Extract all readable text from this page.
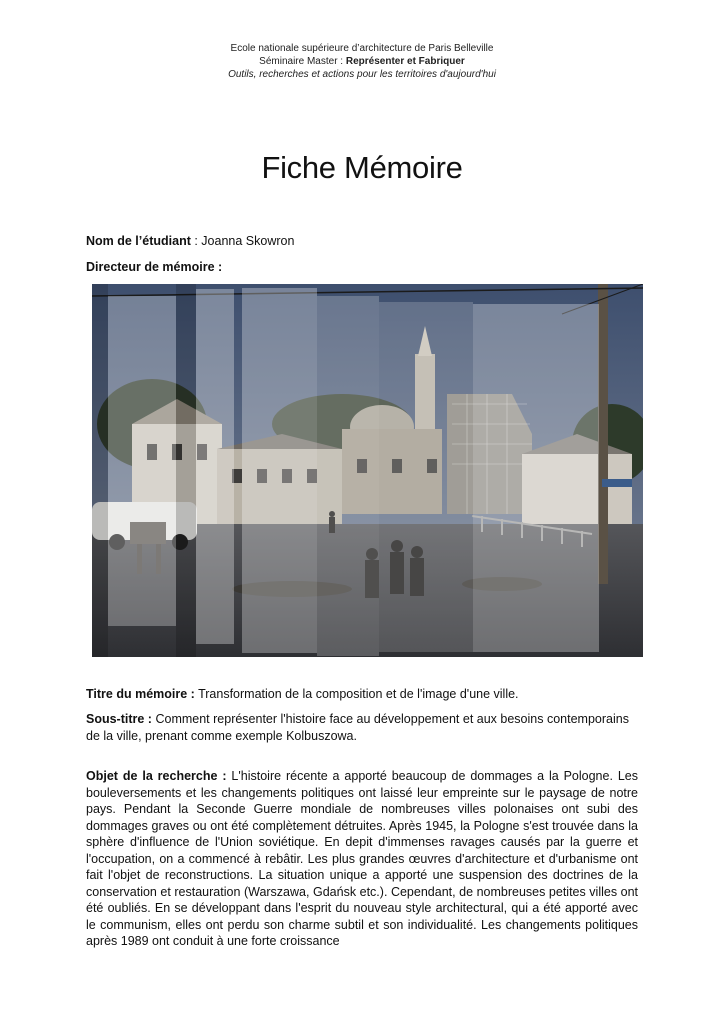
Ecole nationale supérieure d’architecture de Paris Belleville
Séminaire Master : Représenter et Fabriquer
Outils, recherches et actions pour les territoires d'aujourd'hui
Fiche Mémoire
Nom de l’étudiant : Joanna Skowron
Directeur de mémoire :
Titre du mémoire : Transformation de la composition et de l'image d'une ville.
Sous-titre : Comment représenter l'histoire face au développement et aux besoins contemporains de la ville, prenant comme exemple Kolbuszowa.
Objet de la recherche : L'histoire récente a apporté beaucoup de dommages a la Pologne. Les bouleversements et les changements politiques ont laissé leur empreinte sur le paysage de notre pays. Pendant la Seconde Guerre mondiale de nombreuses villes polonaises ont subi des dommages graves ou ont été complètement détruites. Après 1945, la Pologne s'est trouvée dans la sphère d'influence de l'Union soviétique. En depit d'immenses ravages causés par la guerre et l'occupation, on a commencé à rebâtir. Les plus grandes œuvres d'architecture et d'urbanisme ont fait l'objet de reconstructions. La situation unique a apporté une suspension des doctrines de la conservation et restauration (Warszawa, Gdańsk etc.). Cependant, de nombreuses petites villes ont été oubliés. En se développant dans l'esprit du nouveau style architectural, qui a été apporté avec le communism, elles ont perdu son charme subtil et son individualité. Les changements politiques après 1989 ont conduit à une forte croissance
